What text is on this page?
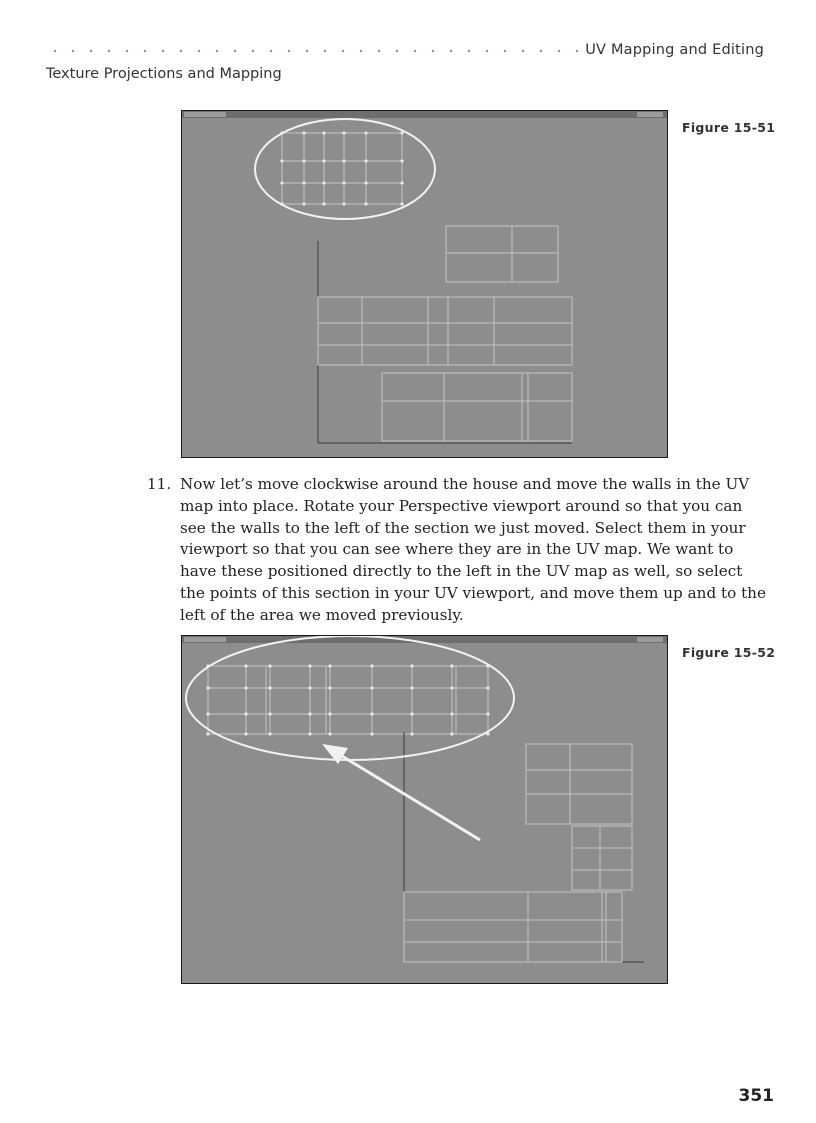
UV Mapping and Editing
Texture Projections and Mapping
Figure 15-51
11. Now let’s move clockwise around the house and move the walls in the UV map into place. Rotate your Perspective viewport around so that you can see the walls to the left of the section we just moved. Select them in your viewport so that you can see where they are in the UV map. We want to have these positioned directly to the left in the UV map as well, so select the points of this section in your UV viewport, and move them up and to the left of the area we moved previously.
Figure 15-52
351
